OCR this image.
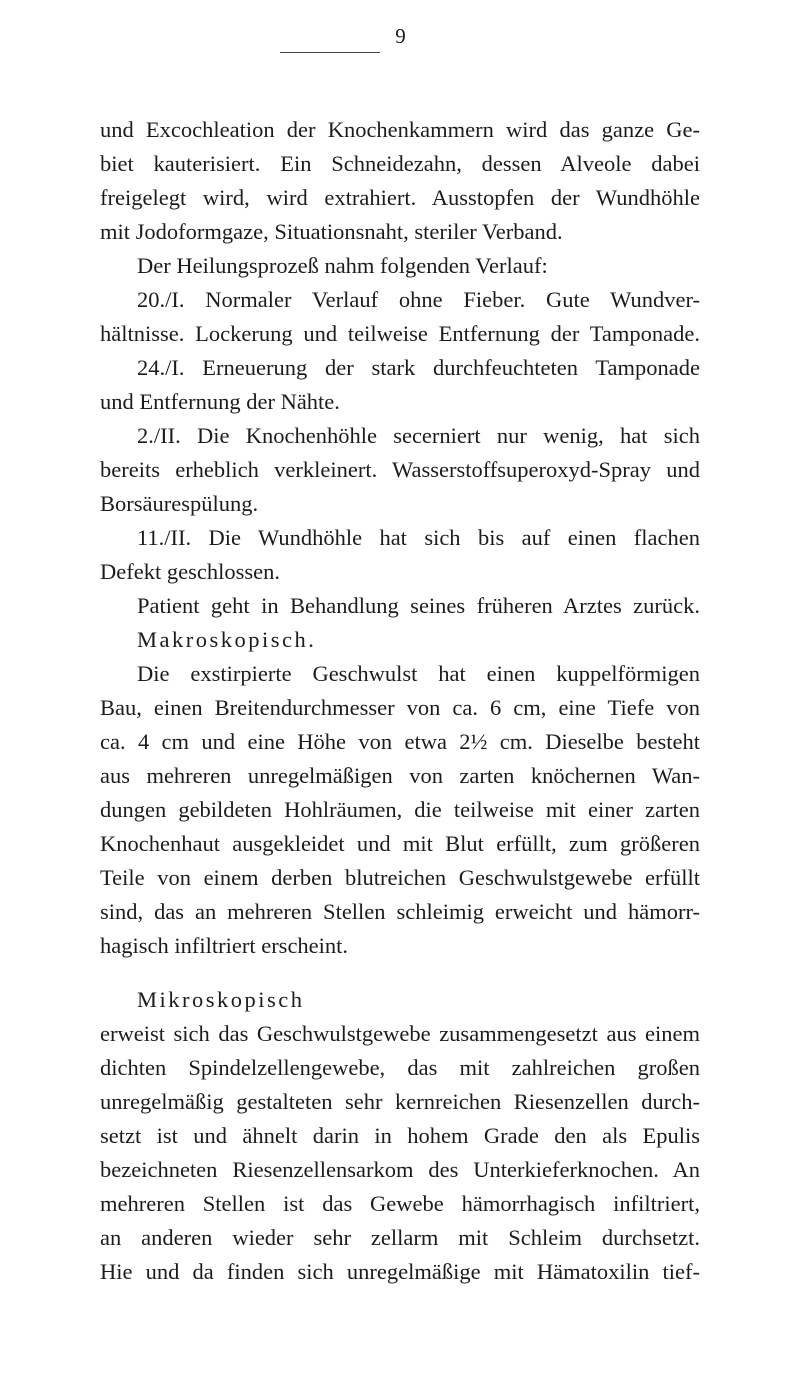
9
und Excochleation der Knochenkammern wird das ganze Ge-
biet kauterisiert. Ein Schneidezahn, dessen Alveole dabei
freigelegt wird, wird extrahiert. Ausstopfen der Wundhöhle
mit Jodoformgaze, Situationsnaht, steriler Verband.
Der Heilungsprozeß nahm folgenden Verlauf:
20./I. Normaler Verlauf ohne Fieber. Gute Wundver-
hältnisse. Lockerung und teilweise Entfernung der Tamponade.
24./I. Erneuerung der stark durchfeuchteten Tamponade
und Entfernung der Nähte.
2./II. Die Knochenhöhle secerniert nur wenig, hat sich
bereits erheblich verkleinert. Wasserstoffsuperoxyd-Spray und
Borsäurespülung.
11./II. Die Wundhöhle hat sich bis auf einen flachen
Defekt geschlossen.
Patient geht in Behandlung seines früheren Arztes zurück.
Makroskopisch.
Die exstirpierte Geschwulst hat einen kuppelförmigen
Bau, einen Breitendurchmesser von ca. 6 cm, eine Tiefe von
ca. 4 cm und eine Höhe von etwa 2½ cm. Dieselbe besteht
aus mehreren unregelmäßigen von zarten knöchernen Wan-
dungen gebildeten Hohlräumen, die teilweise mit einer zarten
Knochenhaut ausgekleidet und mit Blut erfüllt, zum größeren
Teile von einem derben blutreichen Geschwulstgewebe erfüllt
sind, das an mehreren Stellen schleimig erweicht und hämorr-
hagisch infiltriert erscheint.
Mikroskopisch
erweist sich das Geschwulstgewebe zusammengesetzt aus einem
dichten Spindelzellengewebe, das mit zahlreichen großen
unregelmäßig gestalteten sehr kernreichen Riesenzellen durch-
setzt ist und ähnelt darin in hohem Grade den als Epulis
bezeichneten Riesenzellensarkom des Unterkieferknochen. An
mehreren Stellen ist das Gewebe hämorrhagisch infiltriert,
an anderen wieder sehr zellarm mit Schleim durchsetzt.
Hie und da finden sich unregelmäßige mit Hämatoxilin tief-
